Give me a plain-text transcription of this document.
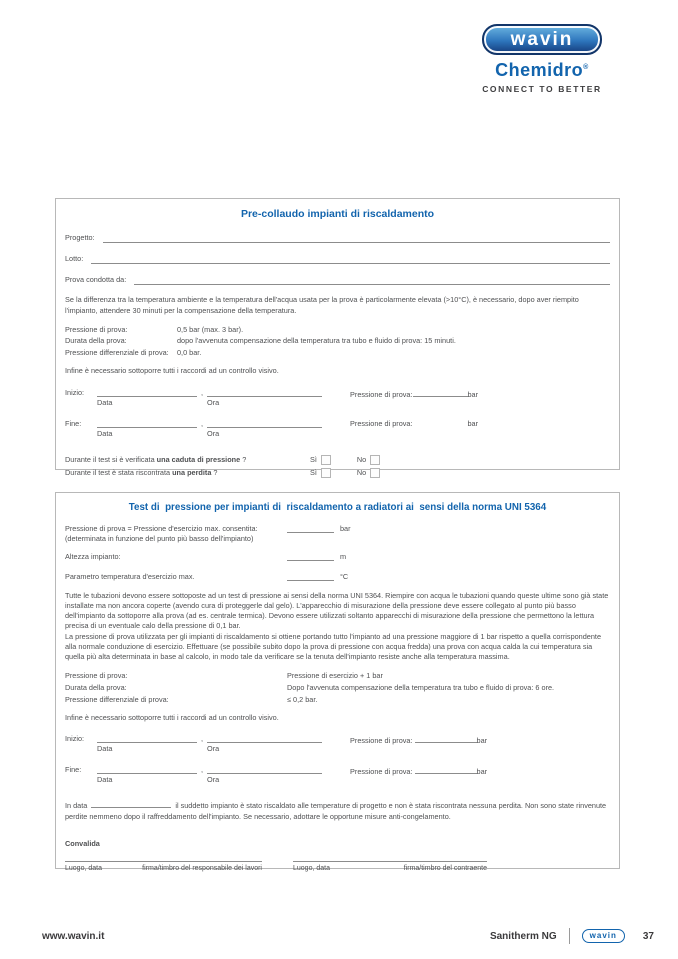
wavin
Chemidro®
CONNECT TO BETTER
Pre-collaudo impianti di riscaldamento
Progetto:
Lotto:
Prova condotta da:

Se la differenza tra la temperatura ambiente e la temperatura dell'acqua usata per la prova è particolarmente elevata (>10°C), è necessario, dopo aver riempito l'impianto, attendere 30 minuti per la compensazione della temperatura.

Pressione di prova:	0,5 bar (max. 3 bar).
Durata della prova:	dopo l'avvenuta compensazione della temperatura tra tubo e fluido di prova: 15 minuti.
Pressione differenziale di prova:	0,0 bar.

Infine è necessario sottoporre tutti i raccordi ad un controllo visivo.

Inizio:
Data
,
Ora
Pressione di prova:	bar
Fine:
Data
,
Ora
Pressione di prova:	bar
Durante il test si è verificata una caduta di pressione ?	Sì	No
Durante il test è stata riscontrata una perdita ?	Sì	No
Test di  pressione per impianti di  riscaldamento a radiatori ai  sensi della norma UNI 5364
Pressione di prova = Pressione d'esercizio max. consentita:
(determinata in funzione del punto più basso dell'impianto)
bar
Altezza impianto:	m
Parametro temperatura d'esercizio max.	°C

Tutte le tubazioni devono essere sottoposte ad un test di pressione ai sensi della norma UNI 5364. Riempire con acqua le tubazioni quando queste ultime sono già state installate ma non ancora coperte (avendo cura di proteggerle dal gelo). L'apparecchio di misurazione della pressione deve essere collegato al punto più basso dell'impianto da sottoporre alla prova (ad es. centrale termica). Devono essere utilizzati soltanto apparecchi di misurazione della pressione che permettono la lettura precisa di un eventuale calo della pressione di 0,1 bar.

La pressione di prova utilizzata per gli impianti di riscaldamento si ottiene portando tutto l'impianto ad una pressione maggiore di 1 bar rispetto a quella corrispondente alla normale conduzione di esercizio. Effettuare (se possibile subito dopo la prova di pressione con acqua fredda) una prova con acqua calda la cui temperatura sia quella più alta determinata in base al calcolo, in modo tale da verificare se la tenuta dell'impianto resiste anche alla temperatura massima.

Pressione di prova:	Pressione di esercizio + 1 bar
Durata della prova:	Dopo l'avvenuta compensazione della temperatura tra tubo e fluido di prova: 6 ore.
Pressione differenziale di prova:	≤ 0,2 bar.

Infine è necessario sottoporre tutti i raccordi ad un controllo visivo.

Inizio:
Data
,
Ora
Pressione di prova:	bar
Fine:
Data
,
Ora
Pressione di prova:	bar

In data	il suddetto impianto è stato riscaldato alle temperature di progetto e non è stata riscontrata nessuna perdita. Non sono state rinvenute perdite nemmeno dopo il raffreddamento dell'impianto. Se necessario, adottare le opportune misure anti-congelamento.

Convalida

Luogo, data	firma/timbro del responsabile dei lavori	Luogo, data	firma/timbro del contraente
www.wavin.it	Sanitherm NG	wavin	37
